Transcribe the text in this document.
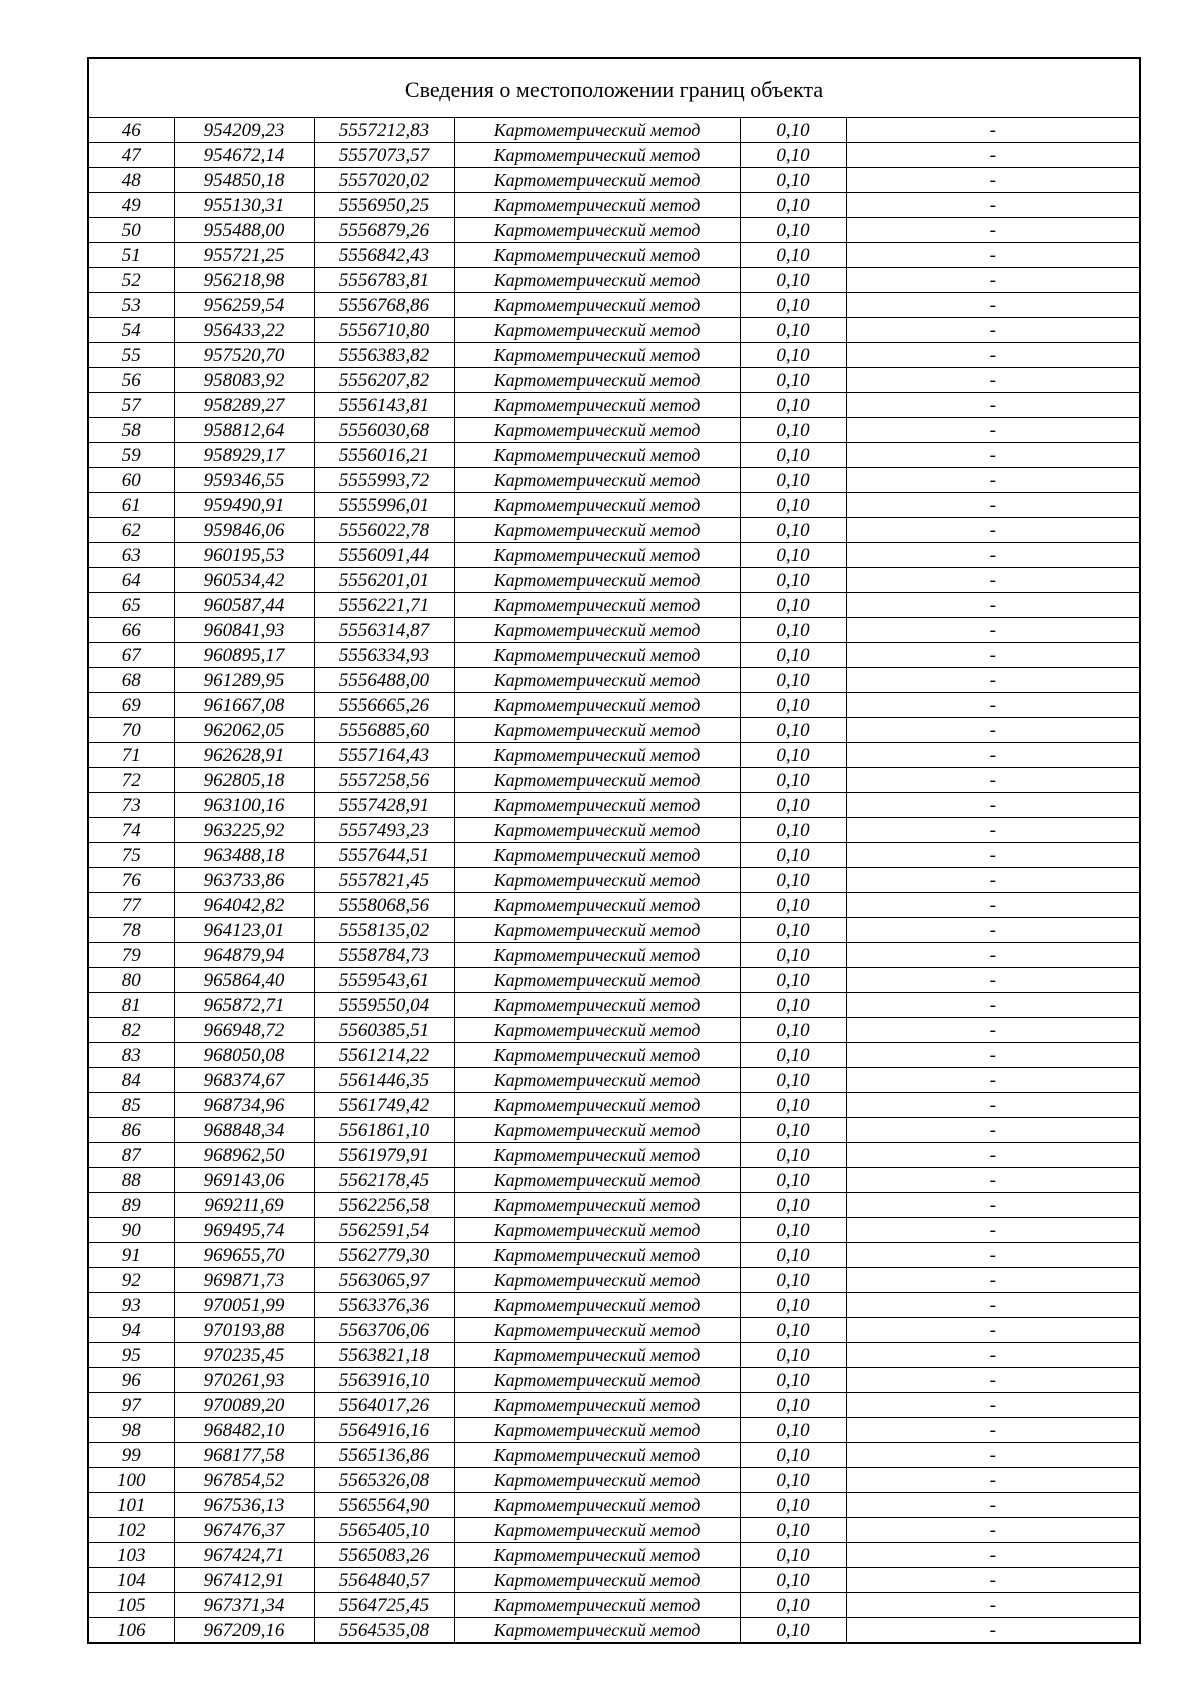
Сведения о местоположении границ объекта
46	954209,23	5557212,83	Картометрический метод	0,10	-
47	954672,14	5557073,57	Картометрический метод	0,10	-
48	954850,18	5557020,02	Картометрический метод	0,10	-
49	955130,31	5556950,25	Картометрический метод	0,10	-
50	955488,00	5556879,26	Картометрический метод	0,10	-
51	955721,25	5556842,43	Картометрический метод	0,10	-
52	956218,98	5556783,81	Картометрический метод	0,10	-
53	956259,54	5556768,86	Картометрический метод	0,10	-
54	956433,22	5556710,80	Картометрический метод	0,10	-
55	957520,70	5556383,82	Картометрический метод	0,10	-
56	958083,92	5556207,82	Картометрический метод	0,10	-
57	958289,27	5556143,81	Картометрический метод	0,10	-
58	958812,64	5556030,68	Картометрический метод	0,10	-
59	958929,17	5556016,21	Картометрический метод	0,10	-
60	959346,55	5555993,72	Картометрический метод	0,10	-
61	959490,91	5555996,01	Картометрический метод	0,10	-
62	959846,06	5556022,78	Картометрический метод	0,10	-
63	960195,53	5556091,44	Картометрический метод	0,10	-
64	960534,42	5556201,01	Картометрический метод	0,10	-
65	960587,44	5556221,71	Картометрический метод	0,10	-
66	960841,93	5556314,87	Картометрический метод	0,10	-
67	960895,17	5556334,93	Картометрический метод	0,10	-
68	961289,95	5556488,00	Картометрический метод	0,10	-
69	961667,08	5556665,26	Картометрический метод	0,10	-
70	962062,05	5556885,60	Картометрический метод	0,10	-
71	962628,91	5557164,43	Картометрический метод	0,10	-
72	962805,18	5557258,56	Картометрический метод	0,10	-
73	963100,16	5557428,91	Картометрический метод	0,10	-
74	963225,92	5557493,23	Картометрический метод	0,10	-
75	963488,18	5557644,51	Картометрический метод	0,10	-
76	963733,86	5557821,45	Картометрический метод	0,10	-
77	964042,82	5558068,56	Картометрический метод	0,10	-
78	964123,01	5558135,02	Картометрический метод	0,10	-
79	964879,94	5558784,73	Картометрический метод	0,10	-
80	965864,40	5559543,61	Картометрический метод	0,10	-
81	965872,71	5559550,04	Картометрический метод	0,10	-
82	966948,72	5560385,51	Картометрический метод	0,10	-
83	968050,08	5561214,22	Картометрический метод	0,10	-
84	968374,67	5561446,35	Картометрический метод	0,10	-
85	968734,96	5561749,42	Картометрический метод	0,10	-
86	968848,34	5561861,10	Картометрический метод	0,10	-
87	968962,50	5561979,91	Картометрический метод	0,10	-
88	969143,06	5562178,45	Картометрический метод	0,10	-
89	969211,69	5562256,58	Картометрический метод	0,10	-
90	969495,74	5562591,54	Картометрический метод	0,10	-
91	969655,70	5562779,30	Картометрический метод	0,10	-
92	969871,73	5563065,97	Картометрический метод	0,10	-
93	970051,99	5563376,36	Картометрический метод	0,10	-
94	970193,88	5563706,06	Картометрический метод	0,10	-
95	970235,45	5563821,18	Картометрический метод	0,10	-
96	970261,93	5563916,10	Картометрический метод	0,10	-
97	970089,20	5564017,26	Картометрический метод	0,10	-
98	968482,10	5564916,16	Картометрический метод	0,10	-
99	968177,58	5565136,86	Картометрический метод	0,10	-
100	967854,52	5565326,08	Картометрический метод	0,10	-
101	967536,13	5565564,90	Картометрический метод	0,10	-
102	967476,37	5565405,10	Картометрический метод	0,10	-
103	967424,71	5565083,26	Картометрический метод	0,10	-
104	967412,91	5564840,57	Картометрический метод	0,10	-
105	967371,34	5564725,45	Картометрический метод	0,10	-
106	967209,16	5564535,08	Картометрический метод	0,10	-
